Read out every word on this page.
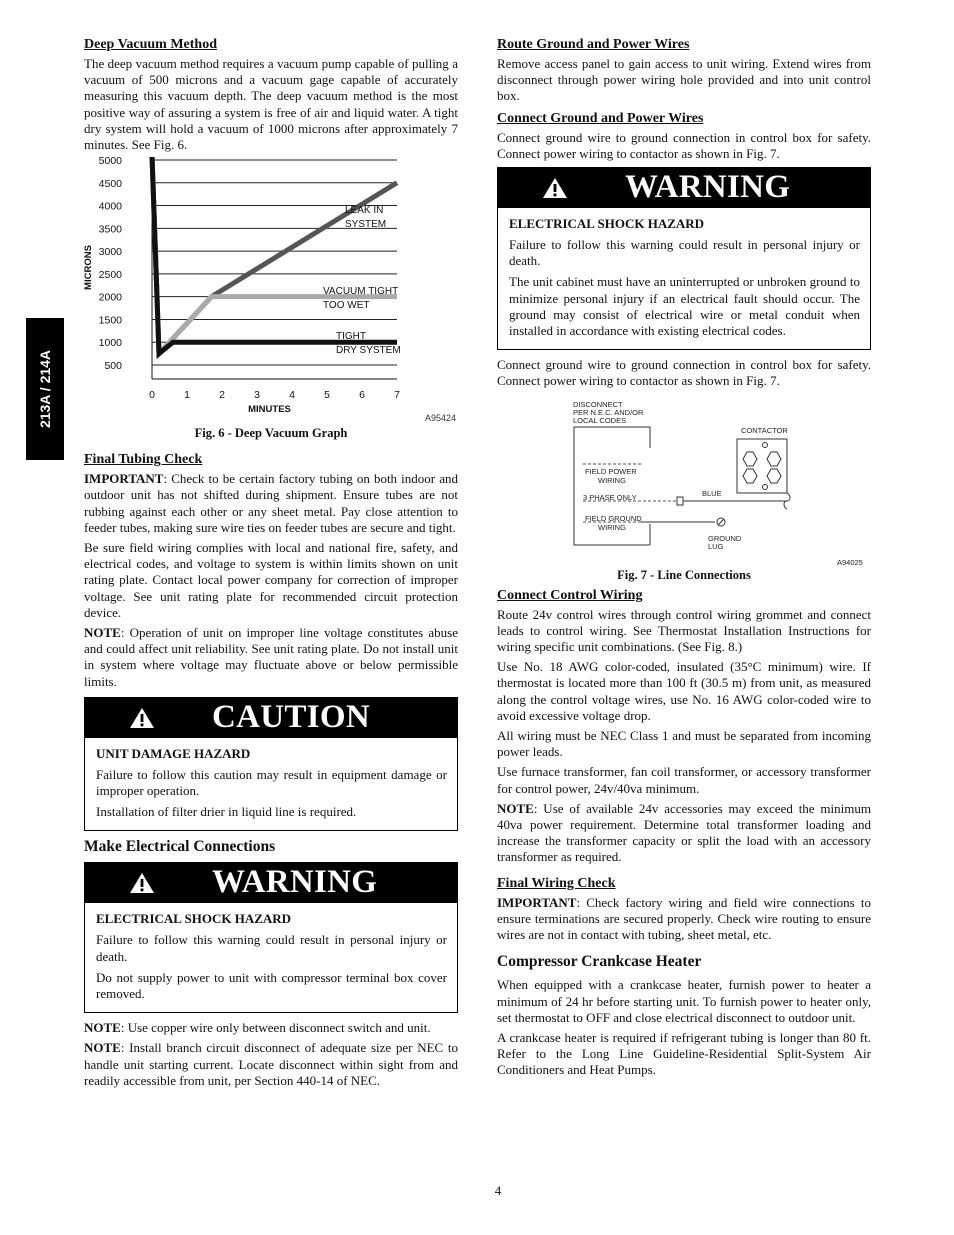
213A / 214A
Deep Vacuum Method

The deep vacuum method requires a vacuum pump capable of pulling a vacuum of 500 microns and a vacuum gage capable of accurately measuring this vacuum depth. The deep vacuum method is the most positive way of assuring a system is free of air and liquid water. A tight dry system will hold a vacuum of 1000 microns after approximately 7 minutes. See Fig. 6.

500
1000
1500
2000
2500
3000
3500
4000
4500
5000
0	1	2	3	4	5	6	7
MINUTES
MICRONS
LEAK IN
SYSTEM
VACUUM TIGHT
TOO WET
TIGHT
DRY SYSTEM
A95424
Fig. 6 - Deep Vacuum Graph
Final Tubing Check

IMPORTANT: Check to be certain factory tubing on both indoor and outdoor unit has not shifted during shipment. Ensure tubes are not rubbing against each other or any sheet metal. Pay close attention to feeder tubes, making sure wire ties on feeder tubes are secure and tight.

Be sure field wiring complies with local and national fire, safety, and electrical codes, and voltage to system is within limits shown on unit rating plate. Contact local power company for correction of improper voltage. See unit rating plate for recommended circuit protection device.

NOTE: Operation of unit on improper line voltage constitutes abuse and could affect unit reliability. See unit rating plate. Do not install unit in system where voltage may fluctuate above or below permissible limits.

CAUTION
UNIT DAMAGE HAZARD

Failure to follow this caution may result in equipment damage or improper operation.

Installation of filter drier in liquid line is required.

Make Electrical Connections
WARNING
ELECTRICAL SHOCK HAZARD

Failure to follow this warning could result in personal injury or death.

Do not supply power to unit with compressor terminal box cover removed.

NOTE: Use copper wire only between disconnect switch and unit.

NOTE: Install branch circuit disconnect of adequate size per NEC to handle unit starting current. Locate disconnect within sight from and readily accessible from unit, per Section 440-14 of NEC.

Route Ground and Power Wires

Remove access panel to gain access to unit wiring. Extend wires from disconnect through power wiring hole provided and into unit control box.

Connect Ground and Power Wires

Connect ground wire to ground connection in control box for safety. Connect power wiring to contactor as shown in Fig. 7.

WARNING
ELECTRICAL SHOCK HAZARD

Failure to follow this warning could result in personal injury or death.

The unit cabinet must have an uninterrupted or unbroken ground to minimize personal injury if an electrical fault should occur. The ground may consist of electrical wire or metal conduit when installed in accordance with existing electrical codes.

Connect ground wire to ground connection in control box for safety. Connect power wiring to contactor as shown in Fig. 7.

DISCONNECT
PER N.E.C. AND/OR
LOCAL CODES
FIELD POWER
WIRING
3 PHASE ONLY
FIELD GROUND
WIRING
BLUE
CONTACTOR
GROUND
LUG
A94025
Fig. 7 - Line Connections
Connect Control Wiring

Route 24v control wires through control wiring grommet and connect leads to control wiring. See Thermostat Installation Instructions for wiring specific unit combinations. (See Fig. 8.)

Use No. 18 AWG color-coded, insulated (35°C minimum) wire. If thermostat is located more than 100 ft (30.5 m) from unit, as measured along the control voltage wires, use No. 16 AWG color-coded wire to avoid excessive voltage drop.

All wiring must be NEC Class 1 and must be separated from incoming power leads.

Use furnace transformer, fan coil transformer, or accessory transformer for control power, 24v/40va minimum.

NOTE: Use of available 24v accessories may exceed the minimum 40va power requirement. Determine total transformer loading and increase the transformer capacity or split the load with an accessory transformer as required.

Final Wiring Check

IMPORTANT: Check factory wiring and field wire connections to ensure terminations are secured properly. Check wire routing to ensure wires are not in contact with tubing, sheet metal, etc.

Compressor Crankcase Heater

When equipped with a crankcase heater, furnish power to heater a minimum of 24 hr before starting unit. To furnish power to heater only, set thermostat to OFF and close electrical disconnect to outdoor unit.

A crankcase heater is required if refrigerant tubing is longer than 80 ft. Refer to the Long Line Guideline-Residential Split-System Air Conditioners and Heat Pumps.

4
